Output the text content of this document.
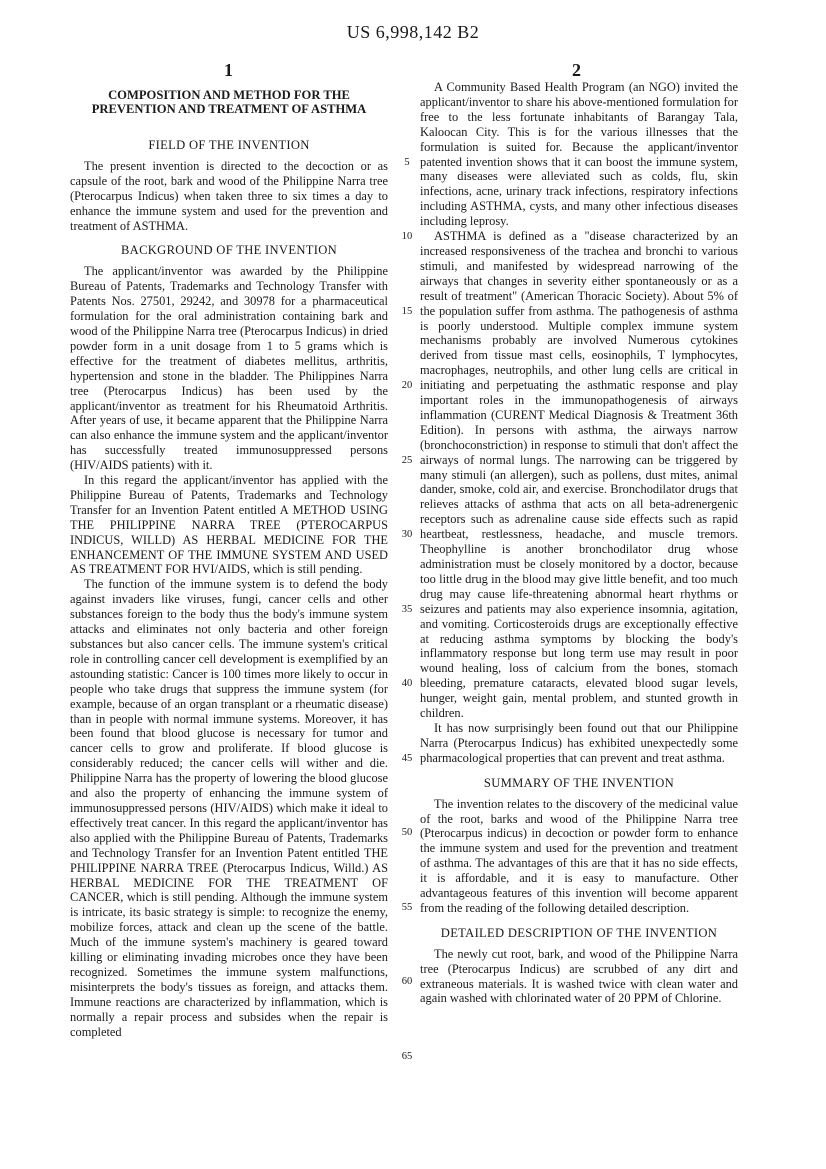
US 6,998,142 B2
1	2
COMPOSITION AND METHOD FOR THE PREVENTION AND TREATMENT OF ASTHMA
FIELD OF THE INVENTION

The present invention is directed to the decoction or as capsule of the root, bark and wood of the Philippine Narra tree (Pterocarpus Indicus) when taken three to six times a day to enhance the immune system and used for the prevention and treatment of ASTHMA.

BACKGROUND OF THE INVENTION

The applicant/inventor was awarded by the Philippine Bureau of Patents, Trademarks and Technology Transfer with Patents Nos. 27501, 29242, and 30978 for a pharmaceutical formulation for the oral administration containing bark and wood of the Philippine Narra tree (Pterocarpus Indicus) in dried powder form in a unit dosage from 1 to 5 grams which is effective for the treatment of diabetes mellitus, arthritis, hypertension and stone in the bladder. The Philippines Narra tree (Pterocarpus Indicus) has been used by the applicant/inventor as treatment for his Rheumatoid Arthritis. After years of use, it became apparent that the Philippine Narra can also enhance the immune system and the applicant/inventor has successfully treated immunosuppressed persons (HIV/AIDS patients) with it.

In this regard the applicant/inventor has applied with the Philippine Bureau of Patents, Trademarks and Technology Transfer for an Invention Patent entitled A METHOD USING THE PHILIPPINE NARRA TREE (PTEROCARPUS INDICUS, WILLD) AS HERBAL MEDICINE FOR THE ENHANCEMENT OF THE IMMUNE SYSTEM AND USED AS TREATMENT FOR HVI/AIDS, which is still pending.

The function of the immune system is to defend the body against invaders like viruses, fungi, cancer cells and other substances foreign to the body thus the body's immune system attacks and eliminates not only bacteria and other foreign substances but also cancer cells. The immune system's critical role in controlling cancer cell development is exemplified by an astounding statistic: Cancer is 100 times more likely to occur in people who take drugs that suppress the immune system (for example, because of an organ transplant or a rheumatic disease) than in people with normal immune systems. Moreover, it has been found that blood glucose is necessary for tumor and cancer cells to grow and proliferate. If blood glucose is considerably reduced; the cancer cells will wither and die. Philippine Narra has the property of lowering the blood glucose and also the property of enhancing the immune system of immunosuppressed persons (HIV/AIDS) which make it ideal to effectively treat cancer. In this regard the applicant/inventor has also applied with the Philippine Bureau of Patents, Trademarks and Technology Transfer for an Invention Patent entitled THE PHILIPPINE NARRA TREE (Pterocarpus Indicus, Willd.) AS HERBAL MEDICINE FOR THE TREATMENT OF CANCER, which is still pending. Although the immune system is intricate, its basic strategy is simple: to recognize the enemy, mobilize forces, attack and clean up the scene of the battle. Much of the immune system's machinery is geared toward killing or eliminating invading microbes once they have been recognized. Sometimes the immune system malfunctions, misinterprets the body's tissues as foreign, and attacks them. Immune reactions are characterized by inflammation, which is normally a repair process and subsides when the repair is completed

5
10
15
20
25
30
35
40
45
50
55
60
65

A Community Based Health Program (an NGO) invited the applicant/inventor to share his above-mentioned formulation for free to the less fortunate inhabitants of Barangay Tala, Kaloocan City. This is for the various illnesses that the formulation is suited for. Because the applicant/inventor patented invention shows that it can boost the immune system, many diseases were alleviated such as colds, flu, skin infections, acne, urinary track infections, respiratory infections including ASTHMA, cysts, and many other infectious diseases including leprosy.

ASTHMA is defined as a "disease characterized by an increased responsiveness of the trachea and bronchi to various stimuli, and manifested by widespread narrowing of the airways that changes in severity either spontaneously or as a result of treatment" (American Thoracic Society). About 5% of the population suffer from asthma. The pathogenesis of asthma is poorly understood. Multiple complex immune system mechanisms probably are involved Numerous cytokines derived from tissue mast cells, eosinophils, T lymphocytes, macrophages, neutrophils, and other lung cells are critical in initiating and perpetuating the asthmatic response and play important roles in the immunopathogenesis of airways inflammation (CURENT Medical Diagnosis & Treatment 36th Edition). In persons with asthma, the airways narrow (bronchoconstriction) in response to stimuli that don't affect the airways of normal lungs. The narrowing can be triggered by many stimuli (an allergen), such as pollens, dust mites, animal dander, smoke, cold air, and exercise. Bronchodilator drugs that relieves attacks of asthma that acts on all beta-adrenergenic receptors such as adrenaline cause side effects such as rapid heartbeat, restlessness, headache, and muscle tremors. Theophylline is another bronchodilator drug whose administration must be closely monitored by a doctor, because too little drug in the blood may give little benefit, and too much drug may cause life-threatening abnormal heart rhythms or seizures and patients may also experience insomnia, agitation, and vomiting. Corticosteroids drugs are exceptionally effective at reducing asthma symptoms by blocking the body's inflammatory response but long term use may result in poor wound healing, loss of calcium from the bones, stomach bleeding, premature cataracts, elevated blood sugar levels, hunger, weight gain, mental problem, and stunted growth in children.

It has now surprisingly been found out that our Philippine Narra (Pterocarpus Indicus) has exhibited unexpectedly some pharmacological properties that can prevent and treat asthma.

SUMMARY OF THE INVENTION

The invention relates to the discovery of the medicinal value of the root, barks and wood of the Philippine Narra tree (Pterocarpus indicus) in decoction or powder form to enhance the immune system and used for the prevention and treatment of asthma. The advantages of this are that it has no side effects, it is affordable, and it is easy to manufacture. Other advantageous features of this invention will become apparent from the reading of the following detailed description.

DETAILED DESCRIPTION OF THE INVENTION

The newly cut root, bark, and wood of the Philippine Narra tree (Pterocarpus Indicus) are scrubbed of any dirt and extraneous materials. It is washed twice with clean water and again washed with chlorinated water of 20 PPM of Chlorine.
